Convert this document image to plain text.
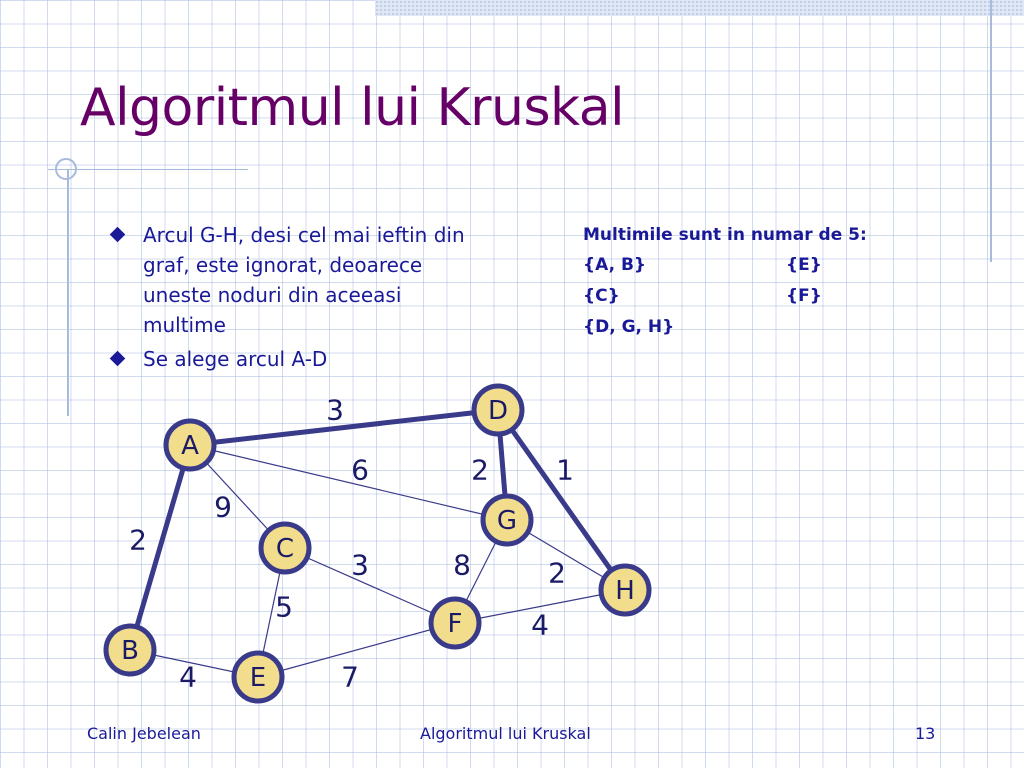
Algoritmul lui Kruskal
Arcul G-H, desi cel mai ieftin din graf, este ignorat, deoarece uneste noduri din aceeasi multime
Se alege arcul A-D
Multimile sunt in numar de 5:
{A, B}	{E}
{C}	{F}
{D, G, H}
3
2
2 1
6
9
3
5
8	2
4
4	7
A
B
C
D
E
F
G
H
Calin Jebelean	Algoritmul lui Kruskal	13
